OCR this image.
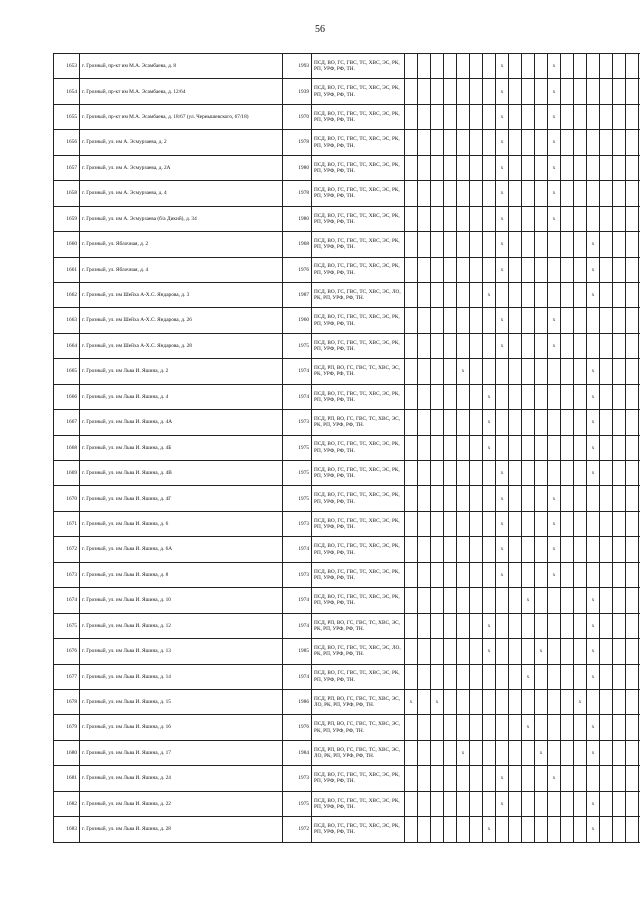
56
1653	г. Грозный, пр-кт им М.А. Эсамбаева, д. 8	1993	ПСД, ВО, ГС, ГВС, ТС, ХВС, ЭС, РК, РП, УРФ, РФ, ТН.								x				x							
1654	г. Грозный, пр-кт им М.А. Эсамбаева, д. 12/64	1939	ПСД, ВО, ГС, ГВС, ТС, ХВС, ЭС, РК, РП, УРФ, РФ, ТН.								x				x							
1655	г. Грозный, пр-кт им М.А. Эсамбаева, д. 18/67 (ул. Чернышевского, 67/18)	1970	ПСД, ВО, ГС, ГВС, ТС, ХВС, ЭС, РК, РП, УРФ, РФ, ТН.								x				x							
1656	г. Грозный, ул. им А. Эсмурзаева, д. 2	1978	ПСД, ВО, ГС, ГВС, ТС, ХВС, ЭС, РК, РП, УРФ, РФ, ТН.								x				x							
1657	г. Грозный, ул. им А. Эсмурзаева, д. 2А	1980	ПСД, ВО, ГС, ГВС, ТС, ХВС, ЭС, РК, РП, УРФ, РФ, ТН.								x				x							
1658	г. Грозный, ул. им А. Эсмурзаева, д. 4	1978	ПСД, ВО, ГС, ГВС, ТС, ХВС, ЭС, РК, РП, УРФ, РФ, ТН.								x				x							
1659	г. Грозный, ул. им А. Эсмурзаева (б/а Дикий), д. 34	1980	ПСД, ВО, ГС, ГВС, ТС, ХВС, ЭС, РК, РП, УРФ, РФ, ТН.								x				x							
1660	г. Грозный, ул. Яблочная, д. 2	1968	ПСД, ВО, ГС, ГВС, ТС, ХВС, ЭС, РК, РП, УРФ, РФ, ТН.								x							x				
1661	г. Грозный, ул. Яблочная, д. 4	1976	ПСД, ВО, ГС, ГВС, ТС, ХВС, ЭС, РК, РП, УРФ, РФ, ТН.								x							x				
1662	г. Грозный, ул. им Шейха А-Х.С. Яндарова, д. 3	1987	ПСД, ВО, ГС, ГВС, ТС, ХВС, ЭС, ЛО, РК, РП, УРФ, РФ, ТН.							x								x				
1663	г. Грозный, ул. им Шейха А-Х.С. Яндарова, д. 26	1960	ПСД, ВО, ГС, ГВС, ТС, ХВС, ЭС, РК, РП, УРФ, РФ, ТН.								x				x							
1664	г. Грозный, ул. им Шейха А-Х.С. Яндарова, д. 28	1975	ПСД, ВО, ГС, ГВС, ТС, ХВС, ЭС, РК, РП, УРФ, РФ, ТН.								x				x							
1665	г. Грозный, ул. им Льва И. Яшина, д. 2	1974	ПСД, РП, ВО, ГС, ГВС, ТС, ХВС, ЭС, РК, УРФ, РФ, ТН.					x										x				
1666	г. Грозный, ул. им Льва И. Яшина, д. 4	1974	ПСД, ВО, ГС, ГВС, ТС, ХВС, ЭС, РК, РП, УРФ, РФ, ТН.							x								x				
1667	г. Грозный, ул. им Льва И. Яшина, д. 4А	1973	ПСД, РП, ВО, ГС, ГВС, ТС, ХВС, ЭС, РК, РП, УРФ, РФ, ТН.							x								x				
1668	г. Грозный, ул. им Льва И. Яшина, д. 4Б	1975	ПСД, ВО, ГС, ГВС, ТС, ХВС, ЭС, РК, РП, УРФ, РФ, ТН.							x								x				
1669	г. Грозный, ул. им Льва И. Яшина, д. 4В	1975	ПСД, ВО, ГС, ГВС, ТС, ХВС, ЭС, РК, РП, УРФ, РФ, ТН.								x							x				
1670	г. Грозный, ул. им Льва И. Яшина, д. 4Г	1975	ПСД, ВО, ГС, ГВС, ТС, ХВС, ЭС, РК, РП, УРФ, РФ, ТН.								x				x							
1671	г. Грозный, ул. им Льва И. Яшина, д. 6	1973	ПСД, ВО, ГС, ГВС, ТС, ХВС, ЭС, РК, РП, УРФ, РФ, ТН.								x				x							
1672	г. Грозный, ул. им Льва И. Яшина, д. 6А	1974	ПСД, ВО, ГС, ГВС, ТС, ХВС, ЭС, РК, РП, УРФ, РФ, ТН.								x				x							
1673	г. Грозный, ул. им Льва И. Яшина, д. 8	1973	ПСД, ВО, ГС, ГВС, ТС, ХВС, ЭС, РК, РП, УРФ, РФ, ТН.								x				x							
1674	г. Грозный, ул. им Льва И. Яшина, д. 10	1974	ПСД, ВО, ГС, ГВС, ТС, ХВС, ЭС, РК, РП, УРФ, РФ, ТН.										x					x				
1675	г. Грозный, ул. им Льва И. Яшина, д. 12	1974	ПСД, РП, ВО, ГС, ГВС, ТС, ХВС, ЭС, РК, РП, УРФ, РФ, ТН.							x								x				
1676	г. Грозный, ул. им Льва И. Яшина, д. 13	1985	ПСД, ВО, ГС, ГВС, ТС, ХВС, ЭС, ЛО, РК, РП, УРФ, РФ, ТН.							x				x				x				
1677	г. Грозный, ул. им Льва И. Яшина, д. 14	1974	ПСД, ВО, ГС, ГВС, ТС, ХВС, ЭС, РК, РП, УРФ, РФ, ТН.										x					x				
1678	г. Грозный, ул. им Льва И. Яшина, д. 15	1986	ПСД, РП, ВО, ГС, ГВС, ТС, ХВС, ЭС, ЛО, РК, РП, УРФ, РФ, ТН.	x		x											x					
1679	г. Грозный, ул. им Льва И. Яшина, д. 16	1976	ПСД, РП, ВО, ГС, ГВС, ТС, ХВС, ЭС, РК, РП, УРФ, РФ, ТН.										x					x				
1680	г. Грозный, ул. им Льва И. Яшина, д. 17	1984	ПСД, РП, ВО, ГС, ГВС, ТС, ХВС, ЭС, ЛО, РК, РП, УРФ, РФ, ТН.					x						x				x				
1681	г. Грозный, ул. им Льва И. Яшина, д. 24	1973	ПСД, ВО, ГС, ГВС, ТС, ХВС, ЭС, РК, РП, УРФ, РФ, ТН.								x				x							
1682	г. Грозный, ул. им Льва И. Яшина, д. 22	1975	ПСД, ВО, ГС, ГВС, ТС, ХВС, ЭС, РК, РП, УРФ, РФ, ТН.								x							x				
1683	г. Грозный, ул. им Льва И. Яшина, д. 28	1972	ПСД, ВО, ГС, ГВС, ТС, ХВС, ЭС, РК, РП, УРФ, РФ, ТН.							x								x				
